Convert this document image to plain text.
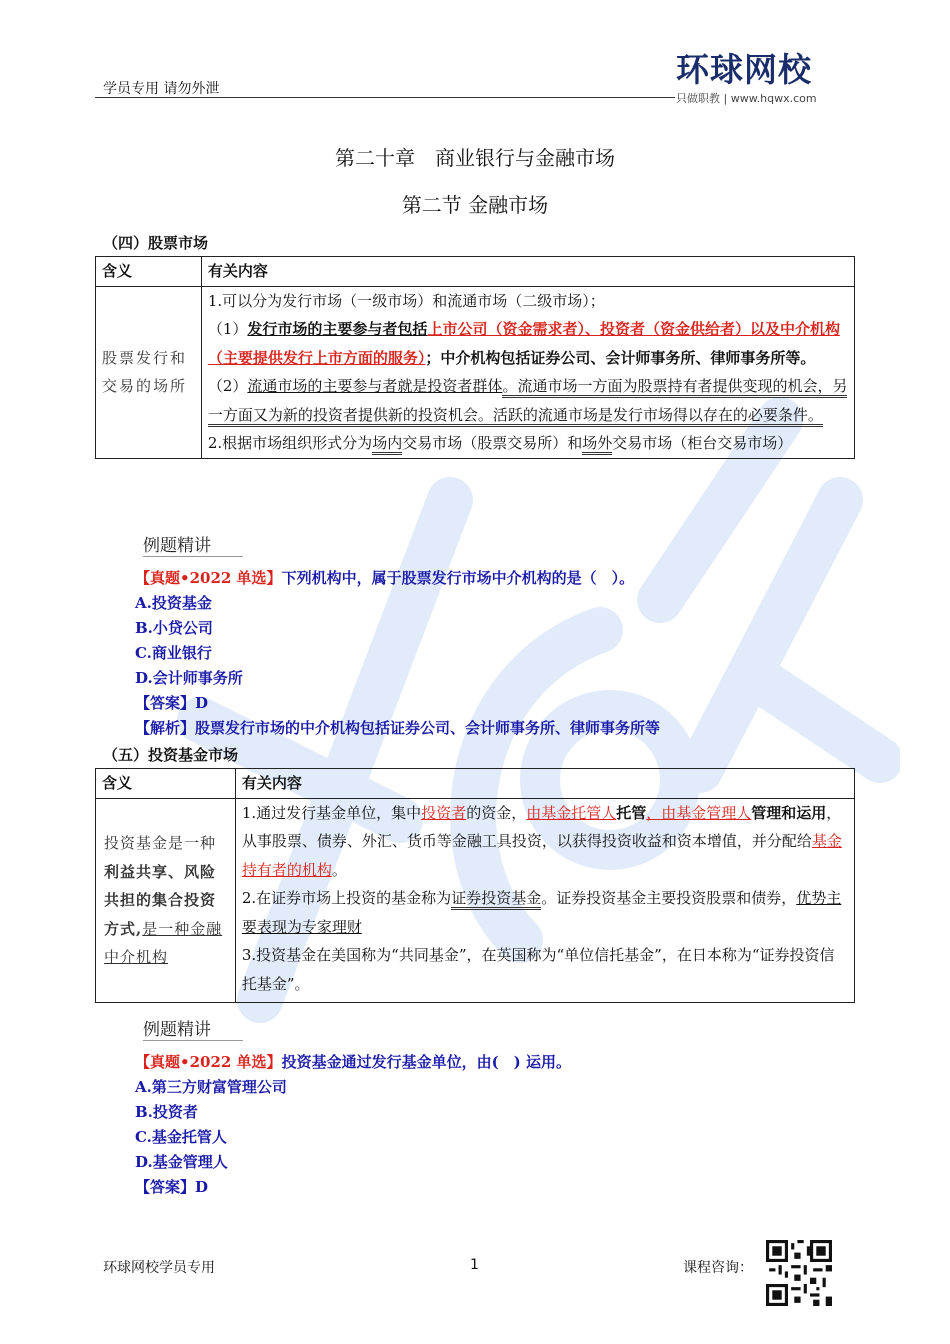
学员专用 请勿外泄	环球网校
只做职教 | www.hqwx.com
第二十章　商业银行与金融市场
第二节 金融市场
（四）股票市场
含义	有关内容
股票发行和交易的场所	1.可以分为发行市场（一级市场）和流通市场（二级市场）；
（1）发行市场的主要参与者包括上市公司（资金需求者）、投资者（资金供给者）以及中介机构（主要提供发行上市方面的服务）；中介机构包括证券公司、会计师事务所、律师事务所等。
（2）流通市场的主要参与者就是投资者群体。流通市场一方面为股票持有者提供变现的机会，另一方面又为新的投资者提供新的投资机会。活跃的流通市场是发行市场得以存在的必要条件。
2.根据市场组织形式分为场内交易市场（股票交易所）和场外交易市场（柜台交易市场）
例题精讲
【真题•2022 单选】下列机构中，属于股票发行市场中介机构的是（　）。
A.投资基金
B.小贷公司
C.商业银行
D.会计师事务所
【答案】D
【解析】股票发行市场的中介机构包括证券公司、会计师事务所、律师事务所等
（五）投资基金市场
含义	有关内容
投资基金是一种利益共享、风险共担的集合投资方式,是一种金融中介机构	1.通过发行基金单位，集中投资者的资金，由基金托管人托管，由基金管理人管理和运用，从事股票、债券、外汇、货币等金融工具投资，以获得投资收益和资本增值，并分配给基金持有者的机构。
2.在证券市场上投资的基金称为证券投资基金。证券投资基金主要投资股票和债券，优势主要表现为专家理财
3.投资基金在美国称为“共同基金”，在英国称为“单位信托基金”，在日本称为“证券投资信托基金”。
例题精讲
【真题•2022 单选】投资基金通过发行基金单位，由(　) 运用。
A.第三方财富管理公司
B.投资者
C.基金托管人
D.基金管理人
【答案】D
环球网校学员专用	1	课程咨询：
